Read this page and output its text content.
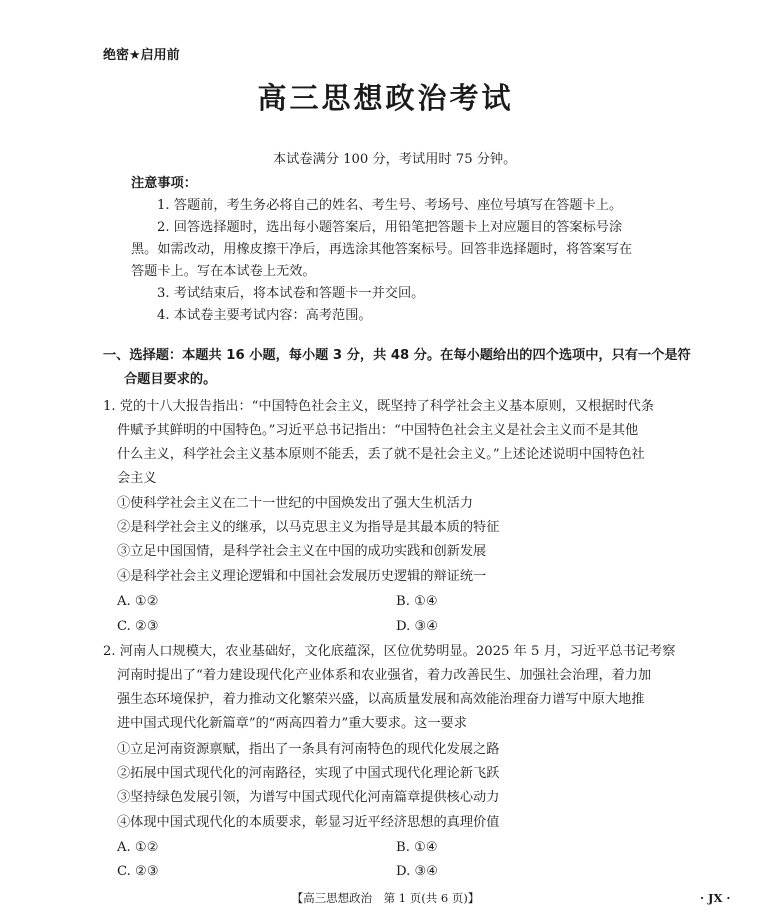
绝密★启用前
高三思想政治考试
本试卷满分 100 分，考试用时 75 分钟。
注意事项：
1. 答题前，考生务必将自己的姓名、考生号、考场号、座位号填写在答题卡上。
2. 回答选择题时，选出每小题答案后，用铅笔把答题卡上对应题目的答案标号涂
黑。如需改动，用橡皮擦干净后，再选涂其他答案标号。回答非选择题时，将答案写在
答题卡上。写在本试卷上无效。
3. 考试结束后，将本试卷和答题卡一并交回。
4. 本试卷主要考试内容：高考范围。
一、选择题：本题共 16 小题，每小题 3 分，共 48 分。在每小题给出的四个选项中，只有一个是符
合题目要求的。
1. 党的十八大报告指出：“中国特色社会主义，既坚持了科学社会主义基本原则，又根据时代条
件赋予其鲜明的中国特色。”习近平总书记指出：“中国特色社会主义是社会主义而不是其他
什么主义，科学社会主义基本原则不能丢，丢了就不是社会主义。”上述论述说明中国特色社
会主义
①使科学社会主义在二十一世纪的中国焕发出了强大生机活力
②是科学社会主义的继承，以马克思主义为指导是其最本质的特征
③立足中国国情，是科学社会主义在中国的成功实践和创新发展
④是科学社会主义理论逻辑和中国社会发展历史逻辑的辩证统一
A. ①②	B. ①④
C. ②③	D. ③④
2. 河南人口规模大，农业基础好，文化底蕴深，区位优势明显。2025 年 5 月，习近平总书记考察
河南时提出了“着力建设现代化产业体系和农业强省，着力改善民生、加强社会治理，着力加
强生态环境保护，着力推动文化繁荣兴盛，以高质量发展和高效能治理奋力谱写中原大地推
进中国式现代化新篇章”的“两高四着力”重大要求。这一要求
①立足河南资源禀赋，指出了一条具有河南特色的现代化发展之路
②拓展中国式现代化的河南路径，实现了中国式现代化理论新飞跃
③坚持绿色发展引领，为谱写中国式现代化河南篇章提供核心动力
④体现中国式现代化的本质要求，彰显习近平经济思想的真理价值
A. ①②	B. ①④
C. ②③	D. ③④
【高三思想政治　第 1 页(共 6 页)】	· JX ·
